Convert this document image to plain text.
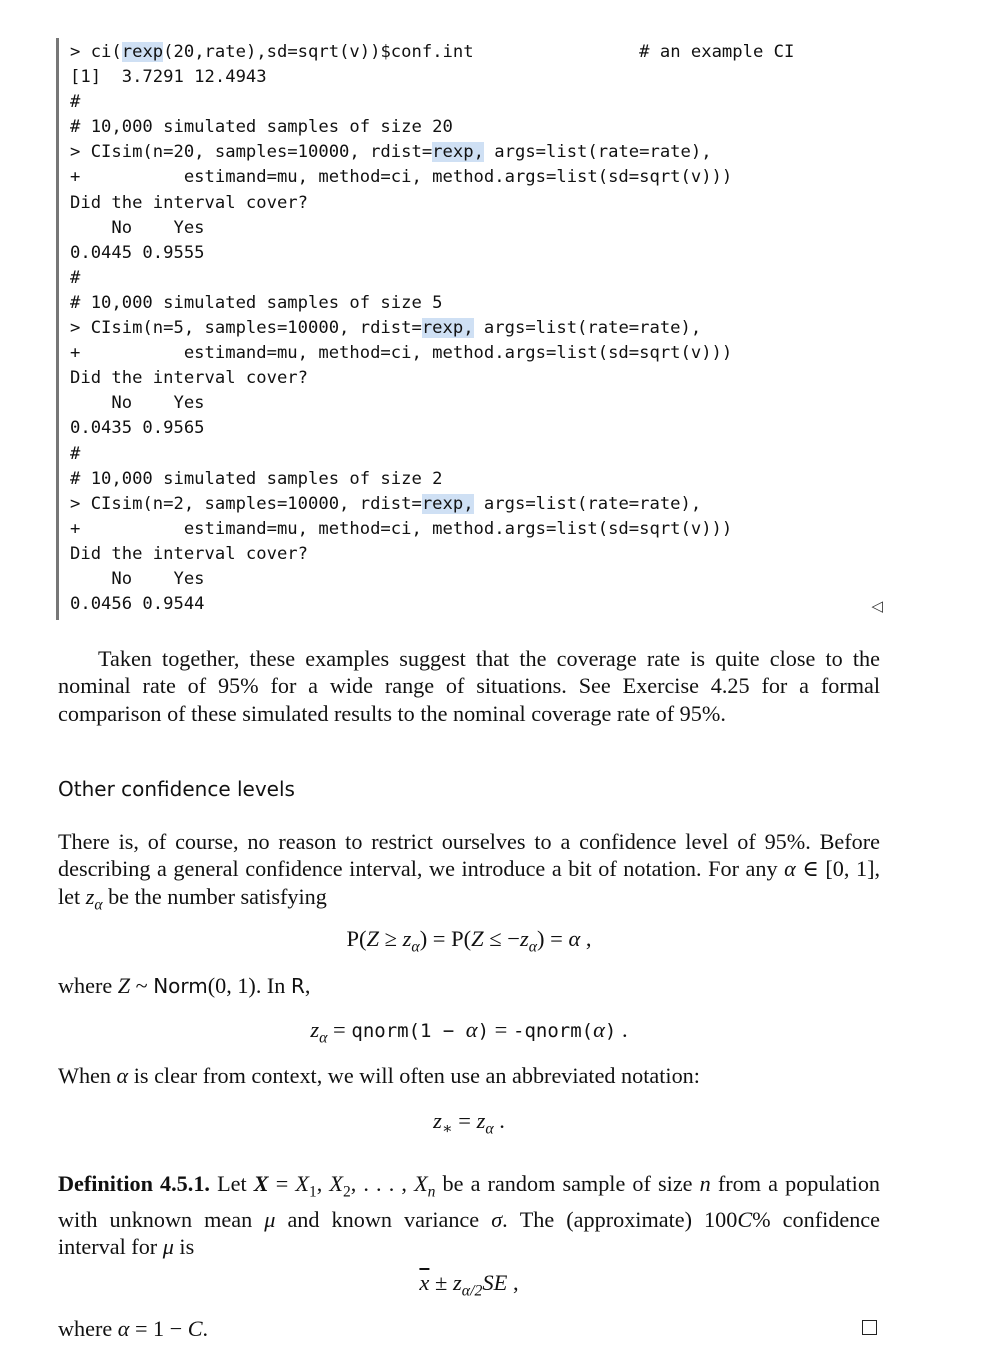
> ci(rexp(20,rate),sd=sqrt(v))$conf.int                # an example CI
[1]  3.7291 12.4943
#
# 10,000 simulated samples of size 20
> CIsim(n=20, samples=10000, rdist=rexp, args=list(rate=rate),
+          estimand=mu, method=ci, method.args=list(sd=sqrt(v)))
Did the interval cover?
No    Yes
0.0445 0.9555
#
# 10,000 simulated samples of size 5
> CIsim(n=5, samples=10000, rdist=rexp, args=list(rate=rate),
+          estimand=mu, method=ci, method.args=list(sd=sqrt(v)))
Did the interval cover?
No    Yes
0.0435 0.9565
#
# 10,000 simulated samples of size 2
> CIsim(n=2, samples=10000, rdist=rexp, args=list(rate=rate),
+          estimand=mu, method=ci, method.args=list(sd=sqrt(v)))
Did the interval cover?
No    Yes
0.0456 0.9544	◁
Taken together, these examples suggest that the coverage rate is quite close to the nominal rate of 95% for a wide range of situations. See Exercise 4.25 for a formal comparison of these simulated results to the nominal coverage rate of 95%.
Other confidence levels
There is, of course, no reason to restrict ourselves to a confidence level of 95%. Before describing a general confidence interval, we introduce a bit of notation. For any α ∈ [0, 1], let $z_\alpha$ be the number satisfying
$P(Z \ge z_\alpha) = P(Z \le -z_\alpha) = \alpha$ ,
where Z ~ Norm(0, 1). In R,
$z_\alpha$ = qnorm(1 − α) = -qnorm(α) .
When α is clear from context, we will often use an abbreviated notation:
$z_∗ = z_\alpha$ .
Definition 4.5.1. Let $X = X_1$, $X_2$, . . . , $X_n$ be a random sample of size n from a population with unknown mean μ and known variance σ. The (approximate) 100C% confidence interval for μ is
$\overline{x} \pm z_{\alpha/2}SE$ ,
where α = 1 − C.
